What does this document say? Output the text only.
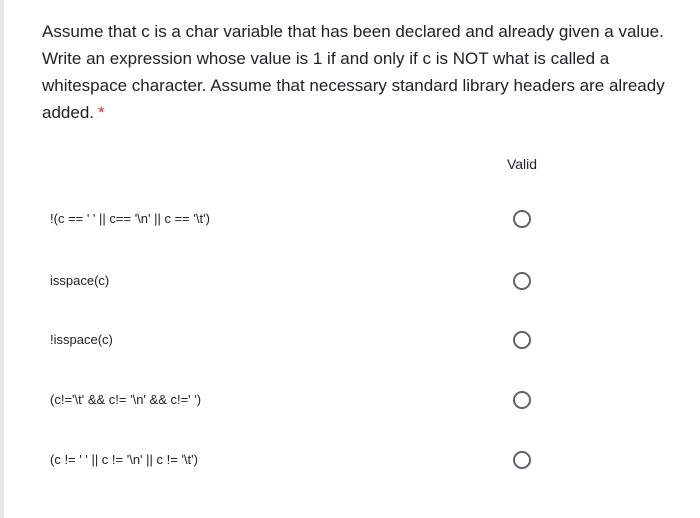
Assume that c is a char variable that has been declared and already given a value. Write an expression whose value is 1 if and only if c is NOT what is called a whitespace character. Assume that necessary standard library headers are already added. *
Valid
!(c == ' ' || c== '\n' || c == '\t')
isspace(c)
!isspace(c)
(c!='\t' && c!= '\n' && c!=' ')
(c != ' ' || c != '\n' || c != '\t')
